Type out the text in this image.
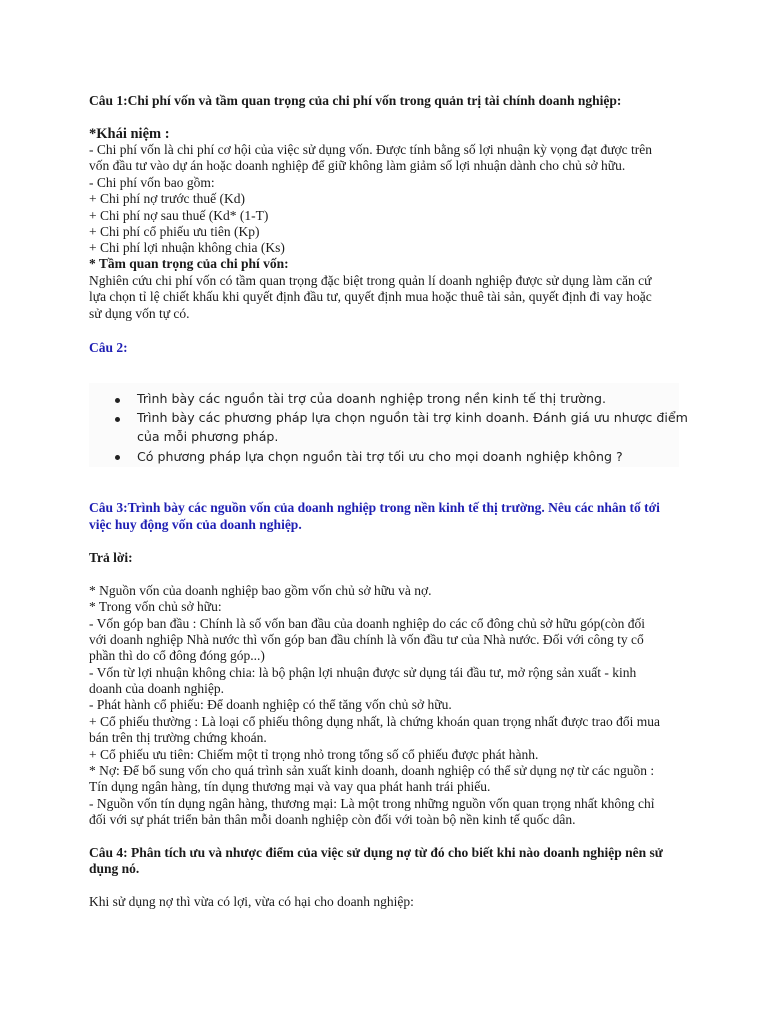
Câu 1:Chi phí vốn và tầm quan trọng của chi phí vốn trong quản trị tài chính doanh nghiệp:

*Khái niệm :

- Chi phí vốn là chi phí cơ hội của việc sử dụng vốn. Được tính bằng số lợi nhuận kỳ vọng đạt được trên

vốn đầu tư vào dự án hoặc doanh nghiệp để giữ không làm giảm số lợi nhuận dành cho chủ sở hữu.

- Chi phí vốn bao gồm:

+ Chi phí nợ trước thuế (Kd)

+ Chi phí nợ sau thuế (Kd* (1-T)

+ Chi phí cổ phiếu ưu tiên (Kp)

+ Chi phí lợi nhuận không chia (Ks)

* Tầm quan trọng của chi phí vốn:

Nghiên cứu chi phí vốn có tầm quan trọng đặc biệt trong quản lí doanh nghiệp được sử dụng làm căn cứ

lựa chọn tỉ lệ chiết khấu khi quyết định đầu tư, quyết định mua hoặc thuê tài sản, quyết định đi vay hoặc

sử dụng vốn tự có.

Câu 2:

Trình bày các nguồn tài trợ của doanh nghiệp trong nền kinh tế thị trường.

Trình bày các phương pháp lựa chọn nguồn tài trợ kinh doanh. Đánh giá ưu nhược điểm

của mỗi phương pháp.

Có phương pháp lựa chọn nguồn tài trợ tối ưu cho mọi doanh nghiệp không ?

Câu 3:Trình bày các nguồn vốn của doanh nghiệp trong nền kinh tế thị trường. Nêu các nhân tố tới

việc huy động vốn của doanh nghiệp.

Trả lời:

* Nguồn vốn của doanh nghiệp bao gồm vốn chủ sở hữu và nợ.

* Trong vốn chủ sở hữu:

- Vốn góp ban đầu : Chính là số vốn ban đầu của doanh nghiệp do các cổ đông chủ sở hữu góp(còn đối

với doanh nghiệp Nhà nước thì vốn góp ban đầu chính là vốn đầu tư của Nhà nước. Đối với công ty cổ

phần thì do cổ đông đóng góp...)

- Vốn từ lợi nhuận không chia: là bộ phận lợi nhuận được sử dụng tái đầu tư, mở rộng sản xuất - kinh

doanh của doanh nghiệp.

- Phát hành cổ phiếu: Để doanh nghiệp có thể tăng vốn chủ sở hữu.

+ Cổ phiếu thường : Là loại cổ phiếu thông dụng nhất, là chứng khoán quan trọng nhất được trao đổi mua

bán trên thị trường chứng khoán.

+ Cổ phiếu ưu tiên: Chiếm một tỉ trọng nhỏ trong tổng số cổ phiếu được phát hành.

* Nợ: Để bổ sung vốn cho quá trình sản xuất kinh doanh, doanh nghiệp có thể sử dụng nợ từ các nguồn :

Tín dụng ngân hàng, tín dụng thương mại và vay qua phát hanh trái phiếu.

- Nguồn vốn tín dụng ngân hàng, thương mại: Là một trong những nguồn vốn quan trọng nhất không chỉ

đối với sự phát triển bản thân mỗi doanh nghiệp còn đối với toàn bộ nền kinh tế quốc dân.

Câu 4: Phân tích ưu và nhược điểm của việc sử dụng nợ từ đó cho biết khi nào doanh nghiệp nên sử

dụng nó.

Khi sử dụng nợ thì vừa có lợi, vừa có hại cho doanh nghiệp:
